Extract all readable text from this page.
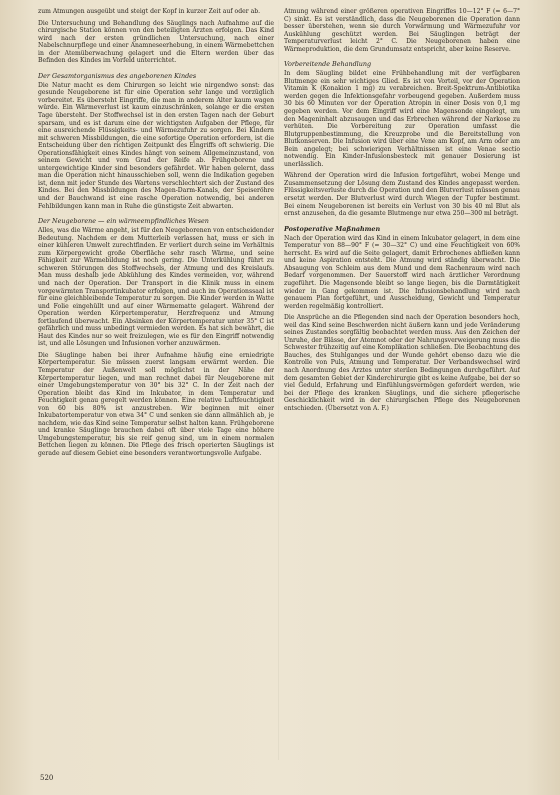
zum Atmungen ausgeübt und steigt der Kopf in kurzer Zeit auf oder ab.

Die Untersuchung und Behandlung des Säuglings nach Aufnahme auf die chirurgische Station können von den beteiligten Ärzten erfolgen. Das Kind wird nach der ersten gründlichen Untersuchung, nach einer Nabelschnurpflege und einer Anamneseerhebung, in einem Wärmebettchen in der Atemüberwachung gelagert und die Eltern werden über das Befinden des Kindes im Vorfeld unterrichtet.

Der Gesamtorganismus des angeborenen Kindes

Die Natur macht es dem Chirurgen so leicht wie nirgendwo sonst: das gesunde Neugeborene ist für eine Operation sehr lange und vorzüglich vorbereitet. Es übersteht Eingriffe, die man in anderem Alter kaum wagen würde. Ein Wärmeverlust ist kaum einzuschränken, solange er die ersten Tage übersteht. Der Stoffwechsel ist in den ersten Tagen nach der Geburt sparsam, und es ist darum eine der wichtigsten Aufgaben der Pflege, für eine ausreichende Flüssigkeits- und Wärmezufuhr zu sorgen. Bei Kindern mit schweren Missbildungen, die eine sofortige Operation erfordern, ist die Entscheidung über den richtigen Zeitpunkt des Eingriffs oft schwierig. Die Operationsfähigkeit eines Kindes hängt von seinem Allgemeinzustand, von seinem Gewicht und vom Grad der Reife ab. Frühgeborene und untergewichtige Kinder sind besonders gefährdet. Wir haben gelernt, dass man die Operation nicht hinausschieben soll, wenn die Indikation gegeben ist, denn mit jeder Stunde des Wartens verschlechtert sich der Zustand des Kindes. Bei den Missbildungen des Magen-Darm-Kanals, der Speiseröhre und der Bauchwand ist eine rasche Operation notwendig, bei anderen Fehlbildungen kann man in Ruhe die günstigste Zeit abwarten.

Der Neugeborene — ein wärmeempfindliches Wesen

Alles, was die Wärme angeht, ist für den Neugeborenen von entscheidender Bedeutung. Nachdem er dem Mutterleib verlassen hat, muss er sich in einer kühleren Umwelt zurechtfinden. Er verliert durch seine im Verhältnis zum Körpergewicht große Oberfläche sehr rasch Wärme, und seine Fähigkeit zur Wärmebildung ist noch gering. Die Unterkühlung führt zu schweren Störungen des Stoffwechsels, der Atmung und des Kreislaufs. Man muss deshalb jede Abkühlung des Kindes vermeiden, vor, während und nach der Operation. Der Transport in die Klinik muss in einem vorgewärmten Transportinkubator erfolgen, und auch im Operationssaal ist für eine gleichbleibende Temperatur zu sorgen. Die Kinder werden in Watte und Folie eingehüllt und auf einer Wärmematte gelagert. Während der Operation werden Körpertemperatur, Herzfrequenz und Atmung fortlaufend überwacht. Ein Absinken der Körpertemperatur unter 35° C ist gefährlich und muss unbedingt vermieden werden. Es hat sich bewährt, die Haut des Kindes nur so weit freizulegen, wie es für den Eingriff notwendig ist, und alle Lösungen und Infusionen vorher anzuwärmen.

Die Säuglinge haben bei ihrer Aufnahme häufig eine erniedrigte Körpertemperatur. Sie müssen zuerst langsam erwärmt werden. Die Temperatur der Außenwelt soll möglichst in der Nähe der Körpertemperatur liegen, und man rechnet dabei für Neugeborene mit einer Umgebungstemperatur von 30° bis 32° C. In der Zeit nach der Operation bleibt das Kind im Inkubator, in dem Temperatur und Feuchtigkeit genau geregelt werden können. Eine relative Luftfeuchtigkeit von 60 bis 80% ist anzustreben. Wir beginnen mit einer Inkubatortemperatur von etwa 34° C und senken sie dann allmählich ab, je nachdem, wie das Kind seine Temperatur selbst halten kann. Frühgeborene und kranke Säuglinge brauchen dabei oft über viele Tage eine höhere Umgebungstemperatur, bis sie reif genug sind, um in einem normalen Bettchen liegen zu können. Die Pflege des frisch operierten Säuglings ist gerade auf diesem Gebiet eine besonders verantwortungsvolle Aufgabe.

Atmung während einer größeren operativen Eingriffes 10—12° F (= 6—7° C) sinkt. Es ist verständlich, dass die Neugeborenen die Operation dann besser überstehen, wenn sie durch Vorwärmung und Wärmezufuhr vor Auskühlung geschützt werden. Bei Säuglingen beträgt der Temperaturverlust leicht 2° C. Die Neugeborenen haben eine Wärmeproduktion, die dem Grundumsatz entspricht, aber keine Reserve.

Vorbereitende Behandlung

In dem Säugling bildet eine Frühbehandlung mit der verfügbaren Blutmenge ein sehr wichtiges Glied. Es ist von Vorteil, vor der Operation Vitamin K (Konakion 1 mg) zu verabreichen. Breit-Spektrum-Antibiotika werden gegen die Infektionsgefahr vorbeugend gegeben. Außerdem muss 30 bis 60 Minuten vor der Operation Atropin in einer Dosis von 0,1 mg gegeben werden. Vor dem Eingriff wird eine Magensonde eingelegt, um den Mageninhalt abzusaugen und das Erbrechen während der Narkose zu verhüten. Die Vorbereitung zur Operation umfasst die Blutgruppenbestimmung, die Kreuzprobe und die Bereitstellung von Blutkonserven. Die Infusion wird über eine Vene am Kopf, am Arm oder am Bein angelegt; bei schwierigen Verhältnissen ist eine Venae sectio notwendig. Ein Kinder-Infusionsbesteck mit genauer Dosierung ist unerlässlich.

Während der Operation wird die Infusion fortgeführt, wobei Menge und Zusammensetzung der Lösung dem Zustand des Kindes angepasst werden. Flüssigkeitsverluste durch die Operation und den Blutverlust müssen genau ersetzt werden. Der Blutverlust wird durch Wiegen der Tupfer bestimmt. Bei einem Neugeborenen ist bereits ein Verlust von 30 bis 40 ml Blut als ernst anzusehen, da die gesamte Blutmenge nur etwa 250—300 ml beträgt.

Postoperative Maßnahmen

Nach der Operation wird das Kind in einem Inkubator gelagert, in dem eine Temperatur von 88—90° F (= 30—32° C) und eine Feuchtigkeit von 60% herrscht. Es wird auf die Seite gelagert, damit Erbrochenes abfließen kann und keine Aspiration entsteht. Die Atmung wird ständig überwacht. Die Absaugung von Schleim aus dem Mund und dem Rachenraum wird nach Bedarf vorgenommen. Der Sauerstoff wird nach ärztlicher Verordnung zugeführt. Die Magensonde bleibt so lange liegen, bis die Darmtätigkeit wieder in Gang gekommen ist. Die Infusionsbehandlung wird nach genauem Plan fortgeführt, und Ausscheidung, Gewicht und Temperatur werden regelmäßig kontrolliert.

Die Ansprüche an die Pflegenden sind nach der Operation besonders hoch, weil das Kind seine Beschwerden nicht äußern kann und jede Veränderung seines Zustandes sorgfältig beobachtet werden muss. Aus den Zeichen der Unruhe, der Blässe, der Atemnot oder der Nahrungsverweigerung muss die Schwester frühzeitig auf eine Komplikation schließen. Die Beobachtung des Bauches, des Stuhlganges und der Wunde gehört ebenso dazu wie die Kontrolle von Puls, Atmung und Temperatur. Der Verbandswechsel wird nach Anordnung des Arztes unter sterilen Bedingungen durchgeführt. Auf dem gesamten Gebiet der Kinderchirurgie gibt es keine Aufgabe, bei der so viel Geduld, Erfahrung und Einfühlungsvermögen gefordert werden, wie bei der Pflege des kranken Säuglings, und die sichere pflegerische Geschicklichkeit wird in der chirurgischen Pflege des Neugeborenen entschieden. (Übersetzt von A. F.)

520
